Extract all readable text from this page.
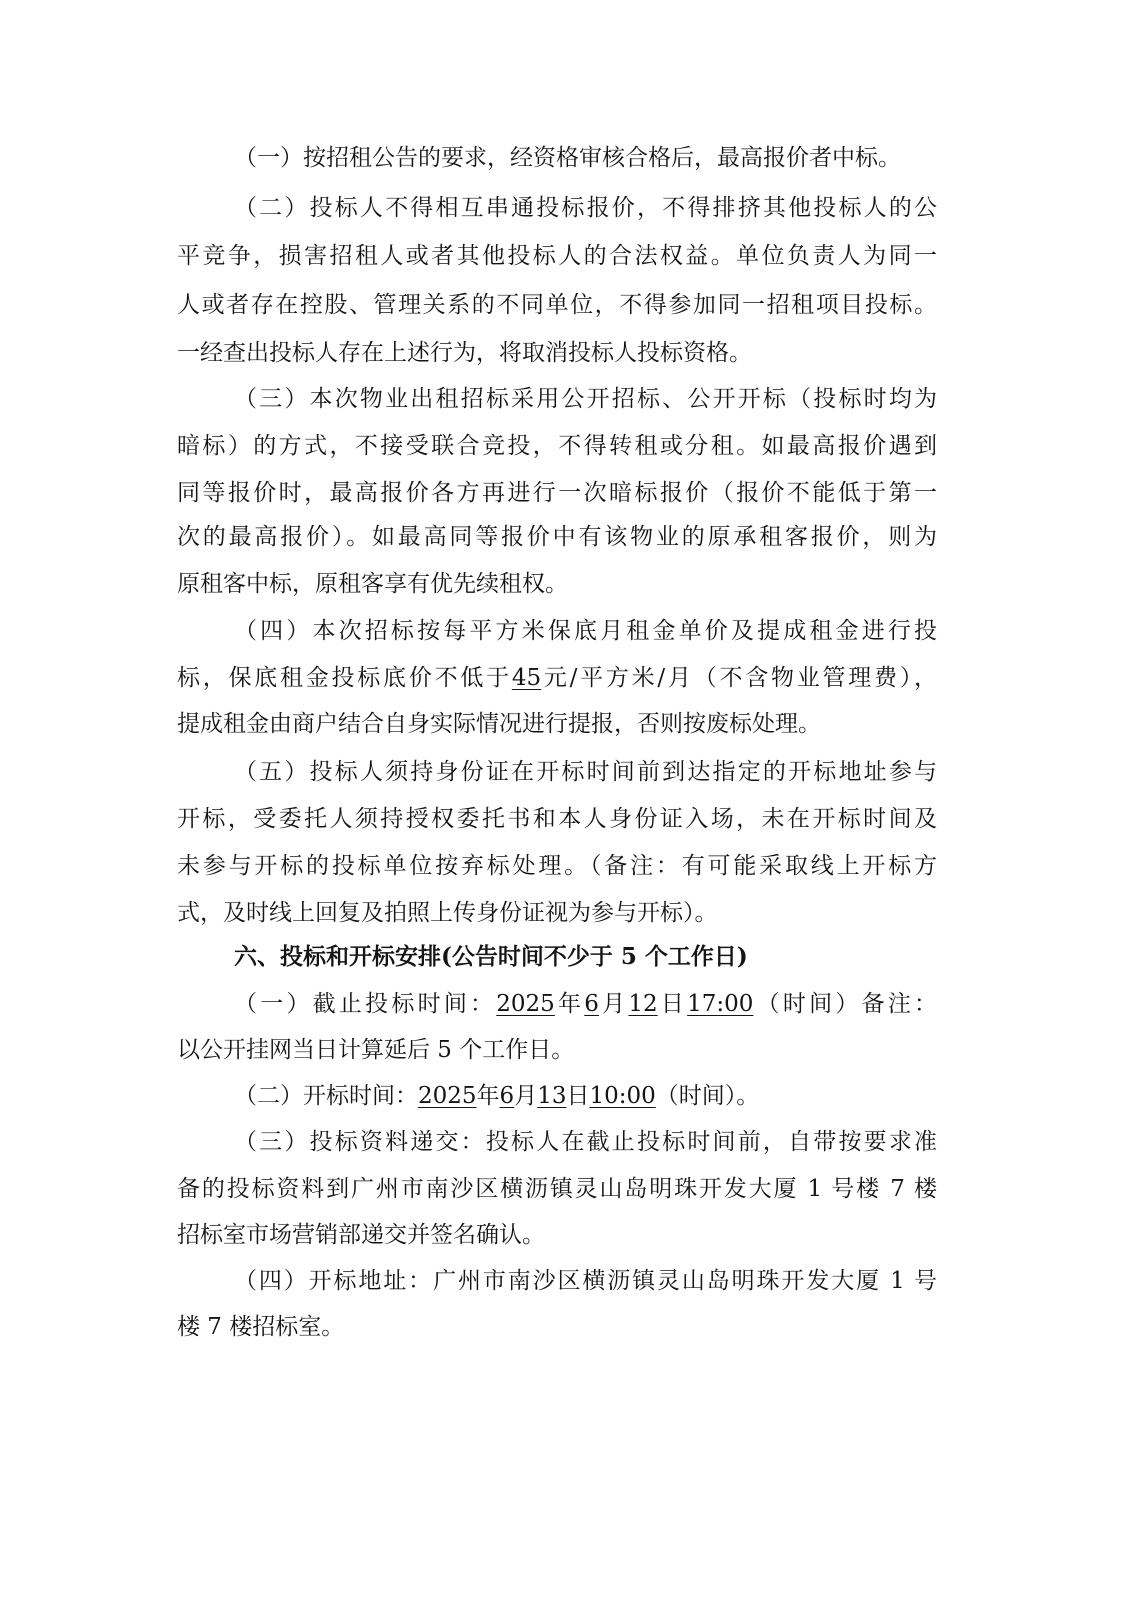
（一）按招租公告的要求，经资格审核合格后，最高报价者中标。
（二）投标人不得相互串通投标报价，不得排挤其他投标人的公
平竞争，损害招租人或者其他投标人的合法权益。单位负责人为同一
人或者存在控股、管理关系的不同单位，不得参加同一招租项目投标。
一经查出投标人存在上述行为，将取消投标人投标资格。
（三）本次物业出租招标采用公开招标、公开开标（投标时均为
暗标）的方式，不接受联合竞投，不得转租或分租。如最高报价遇到
同等报价时，最高报价各方再进行一次暗标报价（报价不能低于第一
次的最高报价）。如最高同等报价中有该物业的原承租客报价，则为
原租客中标，原租客享有优先续租权。
（四）本次招标按每平方米保底月租金单价及提成租金进行投
标，保底租金投标底价不低于45元/平方米/月（不含物业管理费），
提成租金由商户结合自身实际情况进行提报，否则按废标处理。
（五）投标人须持身份证在开标时间前到达指定的开标地址参与
开标，受委托人须持授权委托书和本人身份证入场，未在开标时间及
未参与开标的投标单位按弃标处理。（备注：有可能采取线上开标方
式，及时线上回复及拍照上传身份证视为参与开标）。
六、投标和开标安排(公告时间不少于 5 个工作日)
（一）截止投标时间：2025年6月12日17:00（时间）备注：
以公开挂网当日计算延后 5 个工作日。
（二）开标时间：2025年6月13日10:00（时间）。
（三）投标资料递交：投标人在截止投标时间前，自带按要求准
备的投标资料到广州市南沙区横沥镇灵山岛明珠开发大厦 1 号楼 7 楼
招标室市场营销部递交并签名确认。
（四）开标地址：广州市南沙区横沥镇灵山岛明珠开发大厦 1 号
楼 7 楼招标室。
